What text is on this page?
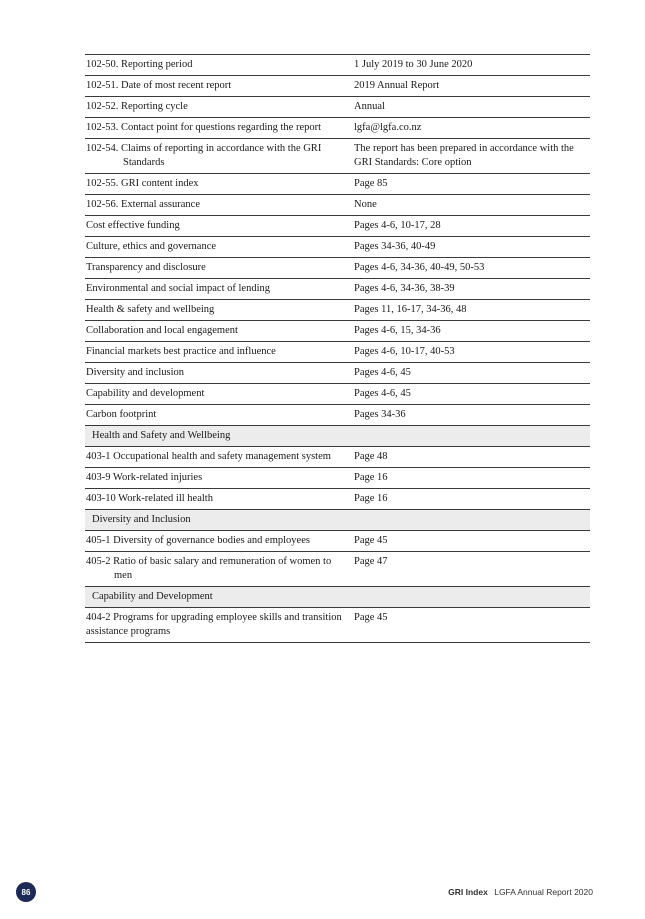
102-50. Reporting period	1 July 2019 to 30 June 2020
102-51. Date of most recent report	2019 Annual Report
102-52. Reporting cycle	Annual
102-53. Contact point for questions regarding the report	lgfa@lgfa.co.nz

102-54. Claims of reporting in accordance with the GRI Standards	The report has been prepared in accordance with the GRI Standards: Core option
102-55. GRI content index	Page 85
102-56. External assurance	None
Cost effective funding	Pages 4-6, 10-17, 28
Culture, ethics and governance	Pages 34-36, 40-49
Transparency and disclosure	Pages 4-6, 34-36, 40-49, 50-53
Environmental and social impact of lending	Pages 4-6, 34-36, 38-39
Health & safety and wellbeing	Pages 11, 16-17, 34-36, 48
Collaboration and local engagement	Pages 4-6, 15, 34-36
Financial markets best practice and influence	Pages 4-6, 10-17, 40-53
Diversity and inclusion	Pages 4-6, 45
Capability and development	Pages 4-6, 45
Carbon footprint	Pages 34-36
Health and Safety and Wellbeing	

403-1 Occupational health and safety management system	Page 48
403-9 Work-related injuries	Page 16
403-10 Work-related ill health	Page 16
Diversity and Inclusion	
405-1 Diversity of governance bodies and employees	Page 45

405-2 Ratio of basic salary and remuneration of women to men	Page 47
Capability and Development	
404-2 Programs for upgrading employee skills and transition assistance programs	Page 45
86	GRI Index LGFA Annual Report 2020
